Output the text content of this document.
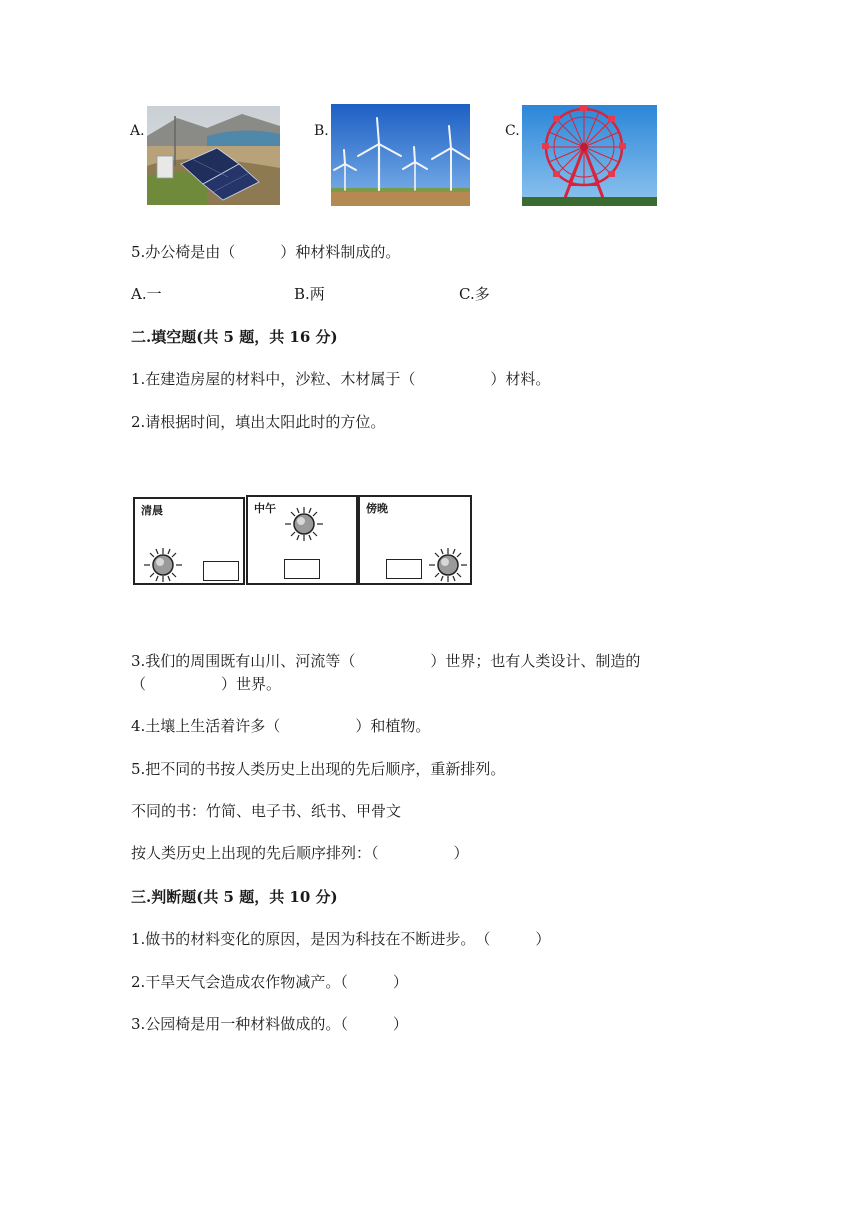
A.	B.	C.
5.办公椅是由（　　　）种材料制成的。
A.一	B.两	C.多
二.填空题(共 5 题，共 16 分)
1.在建造房屋的材料中，沙粒、木材属于（　　　　　）材料。
2.请根据时间，填出太阳此时的方位。
清晨	中午	傍晚
3.我们的周围既有山川、河流等（　　　　　）世界；也有人类设计、制造的
（　　　　　）世界。
4.土壤上生活着许多（　　　　　）和植物。
5.把不同的书按人类历史上出现的先后顺序，重新排列。
不同的书：竹简、电子书、纸书、甲骨文
按人类历史上出现的先后顺序排列：（　　　　　）
三.判断题(共 5 题，共 10 分)
1.做书的材料变化的原因，是因为科技在不断进步。　（　　　）
2.干旱天气会造成农作物减产。（　　　）
3.公园椅是用一种材料做成的。（　　　）
